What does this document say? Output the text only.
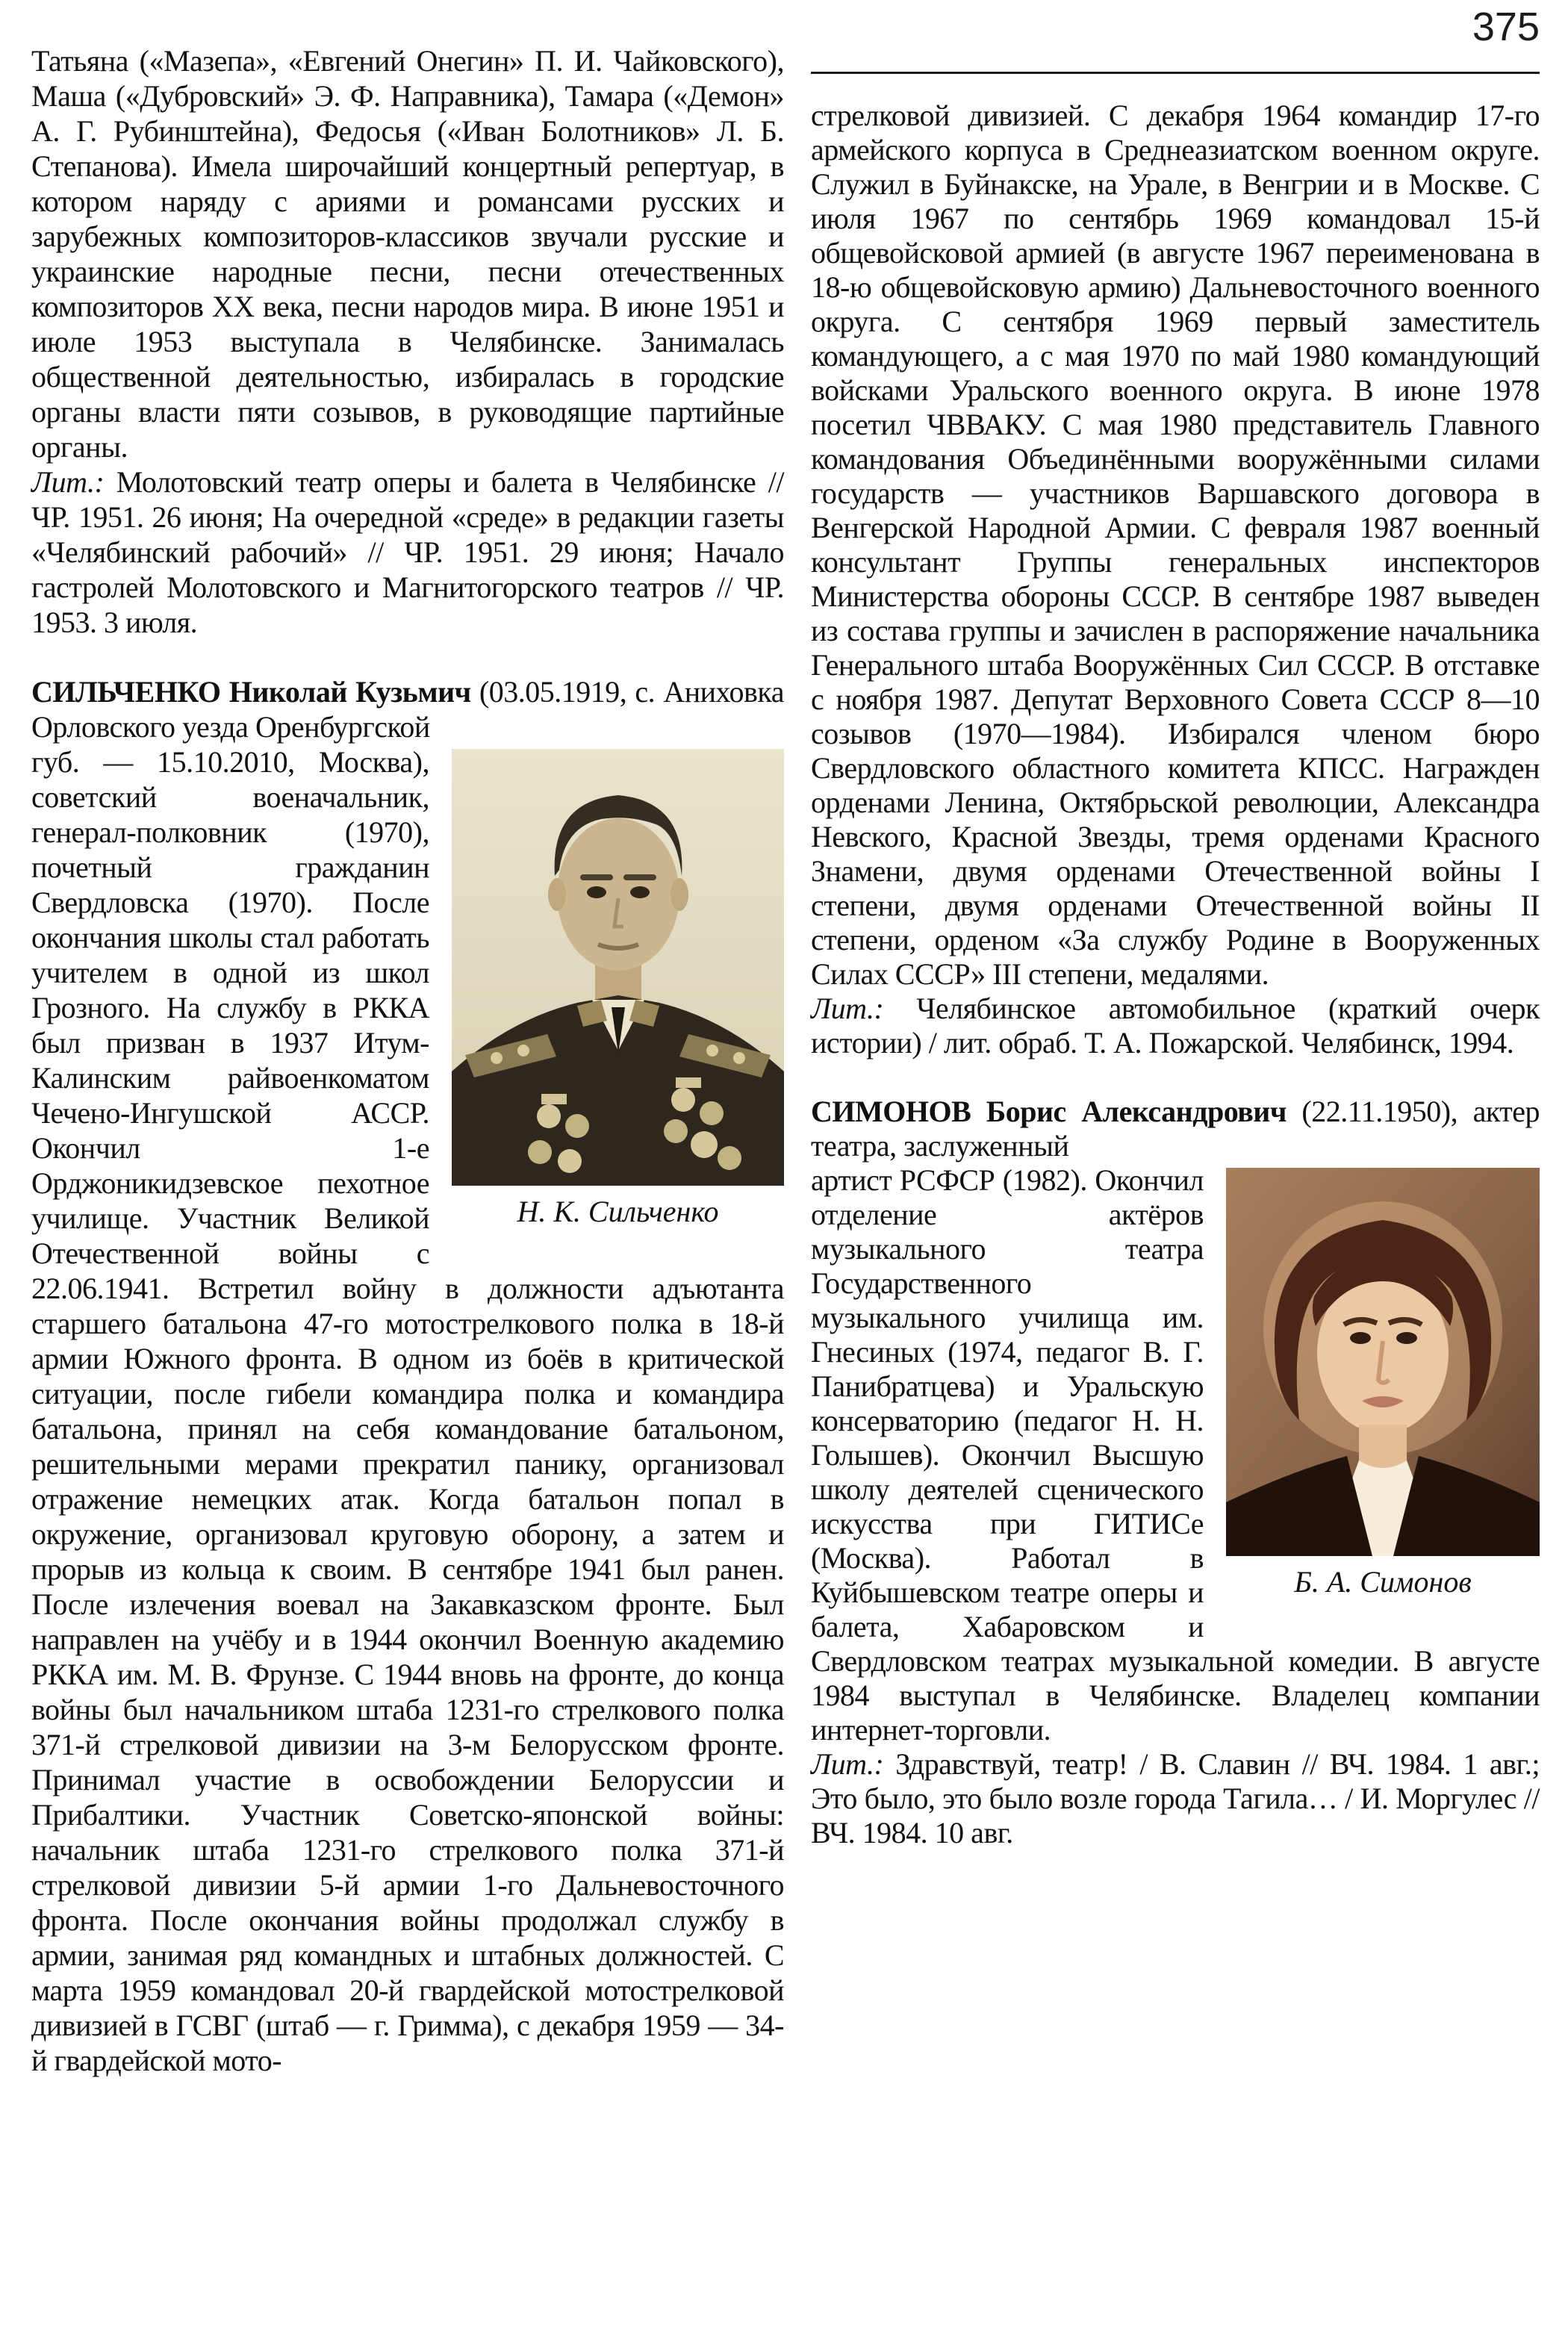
375

Татьяна («Мазепа», «Евгений Онегин» П. И. Чайковского), Маша («Дубровский» Э. Ф. Направника), Тамара («Демон» А. Г. Рубинштейна), Федосья («Иван Болотников» Л. Б. Степанова). Имела широчайший концертный репертуар, в котором наряду с ариями и романсами русских и зарубежных композиторов-классиков звучали русские и украинские народные песни, песни отечественных композиторов XX века, песни народов мира. В июне 1951 и июле 1953 выступала в Челябинске. Занималась общественной деятельностью, избиралась в городские органы власти пяти созывов, в руководящие партийные органы.

Лит.: Молотовский театр оперы и балета в Челябинске // ЧР. 1951. 26 июня; На очередной «среде» в редакции газеты «Челябинский рабочий» // ЧР. 1951. 29 июня; Начало гастролей Молотовского и Магнитогорского театров // ЧР. 1953. 3 июля.

СИЛЬЧЕНКО Николай Кузьмич (03.05.1919, с. Аниховка Орловского уезда Оренбургской

Н. К. Сильченко

губ. — 15.10.2010, Москва), советский военачальник, генерал-полковник (1970), почетный гражданин Свердловска (1970). После окончания школы стал работать учителем в одной из школ Грозного. На службу в РККА был призван в 1937 Итум-Калинским райвоенкоматом Чечено-Ингушской АССР. Окончил 1-е Орджоникидзевское пехотное училище. Участник Великой Отечественной войны с 22.06.1941. Встретил войну в должности адъютанта старшего батальона 47-го мотострелкового полка в 18-й армии Южного фронта. В одном из боёв в критической ситуации, после гибели командира полка и командира батальона, принял на себя командование батальоном, решительными мерами прекратил панику, организовал отражение немецких атак. Когда батальон попал в окружение, организовал круговую оборону, а затем и прорыв из кольца к своим. В сентябре 1941 был ранен. После излечения воевал на Закавказском фронте. Был направлен на учёбу и в 1944 окончил Военную академию РККА им. М. В. Фрунзе. С 1944 вновь на фронте, до конца войны был начальником штаба 1231-го стрелкового полка 371-й стрелковой дивизии на 3-м Белорусском фронте. Принимал участие в освобождении Белоруссии и Прибалтики. Участник Советско-японской войны: начальник штаба 1231-го стрелкового полка 371-й стрелковой дивизии 5-й армии 1-го Дальневосточного фронта. После окончания войны продолжал службу в армии, занимая ряд командных и штабных должностей. С марта 1959 командовал 20-й гвардейской мотострелковой дивизией в ГСВГ (штаб — г. Гримма), с декабря 1959 — 34-й гвардейской мото-

стрелковой дивизией. С декабря 1964 командир 17-го армейского корпуса в Среднеазиатском военном округе. Служил в Буйнакске, на Урале, в Венгрии и в Москве. С июля 1967 по сентябрь 1969 командовал 15-й общевойсковой армией (в августе 1967 переименована в 18-ю общевойсковую армию) Дальневосточного военного округа. С сентября 1969 первый заместитель командующего, а с мая 1970 по май 1980 командующий войсками Уральского военного округа. В июне 1978 посетил ЧВВАКУ. С мая 1980 представитель Главного командования Объединёнными вооружёнными силами государств — участников Варшавского договора в Венгерской Народной Армии. С февраля 1987 военный консультант Группы генеральных инспекторов Министерства обороны СССР. В сентябре 1987 выведен из состава группы и зачислен в распоряжение начальника Генерального штаба Вооружённых Сил СССР. В отставке с ноября 1987. Депутат Верховного Совета СССР 8—10 созывов (1970—1984). Избирался членом бюро Свердловского областного комитета КПСС. Награжден орденами Ленина, Октябрьской революции, Александра Невского, Красной Звезды, тремя орденами Красного Знамени, двумя орденами Отечественной войны I степени, двумя орденами Отечественной войны II степени, орденом «За службу Родине в Вооруженных Силах СССР» III степени, медалями.

Лит.: Челябинское автомобильное (краткий очерк истории) / лит. обраб. Т. А. Пожарской. Челябинск, 1994.

СИМОНОВ Борис Александрович (22.11.1950), актер театра, заслуженный

Б. А. Симонов

артист РСФСР (1982). Окончил отделение актёров музыкального театра Государственного музыкального училища им. Гнесиных (1974, педагог В. Г. Панибратцева) и Уральскую консерваторию (педагог Н. Н. Голышев). Окончил Высшую школу деятелей сценического искусства при ГИТИСе (Москва). Работал в Куйбышевском театре оперы и балета, Хабаровском и Свердловском театрах музыкальной комедии. В августе 1984 выступал в Челябинске. Владелец компании интернет-торговли.

Лит.: Здравствуй, театр! / В. Славин // ВЧ. 1984. 1 авг.; Это было, это было возле города Тагила… / И. Моргулес // ВЧ. 1984. 10 авг.
